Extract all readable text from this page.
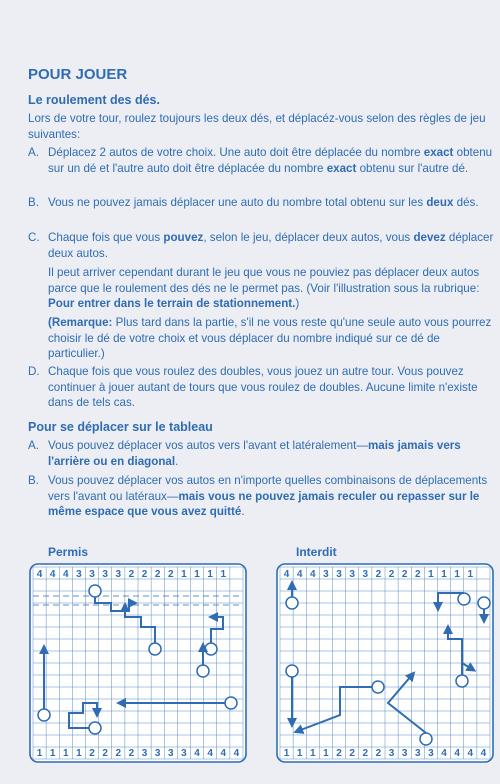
POUR JOUER
Le roulement des dés.
Lors de votre tour, roulez toujours les deux dés, et déplacéz-vous selon des règles de jeu suivantes:
A. Déplacez 2 autos de votre choix. Une auto doit être déplacée du nombre exact obtenu sur un dé et l'autre auto doit être déplacée du nombre exact obtenu sur l'autre dé.
B. Vous ne pouvez jamais déplacer une auto du nombre total obtenu sur les deux dés.
C. Chaque fois que vous pouvez, selon le jeu, déplacer deux autos, vous devez déplacer deux autos.
Il peut arriver cependant durant le jeu que vous ne pouviez pas déplacer deux autos parce que le roulement des dés ne le permet pas. (Voir l'illustration sous la rubrique: Pour entrer dans le terrain de stationnement.)
(Remarque: Plus tard dans la partie, s'il ne vous reste qu'une seule auto vous pourrez choisir le dé de votre choix et vous déplacer du nombre indiqué sur ce dé de particulier.)
D. Chaque fois que vous roulez des doubles, vous jouez un autre tour. Vous pouvez continuer à jouer autant de tours que vous roulez de doubles. Aucune limite n'existe dans de tels cas.
Pour se déplacer sur le tableau
A. Vous pouvez déplacer vos autos vers l'avant et latéralement—mais jamais vers l'arrière ou en diagonal.
B. Vous pouvez déplacer vos autos en n'importe quelles combinaisons de déplacements vers l'avant ou latéraux—mais vous ne pouvez jamais reculer ou repasser sur le même espace que vous avez quitté.
Permis	Interdit
4 4 4 3 3 3 3 2 2 2 2 1 1 1 1
1 1 1 1 2 2 2 2 3 3 3 3 4 4 4 4
4 4 4 3 3 3 3 2 2 2 2 1 1 1 1
1 1 1 1 2 2 2 2 3 3 3 3 4 4 4 4
